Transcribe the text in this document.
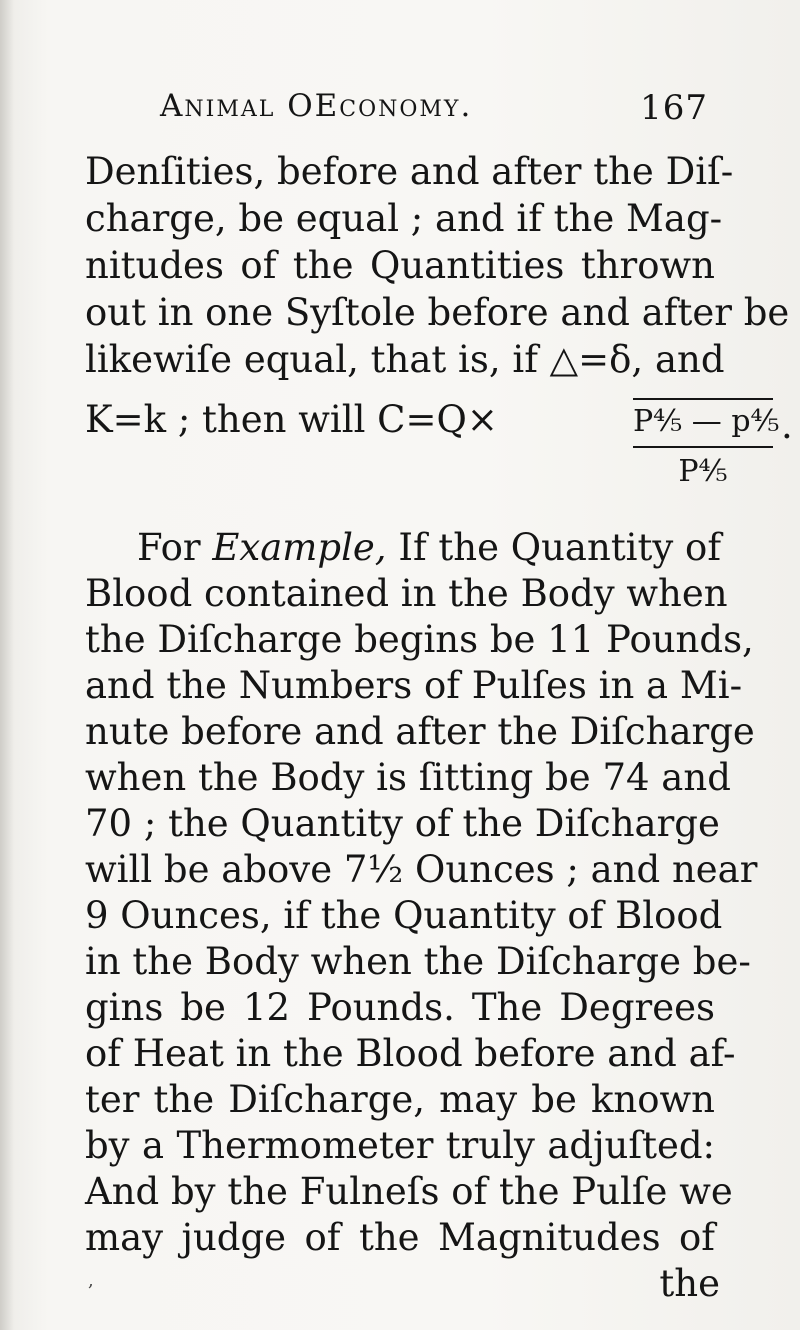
Animal OEconomy.	167
Denſities, before and after the Diſ-
charge, be equal ; and if the Mag-
nitudes of the Quantities thrown
out in one Syſtole before and after be
likewiſe equal, that is, if △=δ, and
K=k ; then will C=Q×	$\frac{\text{P⁴⁄₅ — p⁴⁄₅}}{\text{P⁴⁄₅}}$ .
For Example, If the Quantity of
Blood contained in the Body when
the Diſcharge begins be 11 Pounds,
and the Numbers of Pulſes in a Mi-
nute before and after the Diſcharge
when the Body is ſitting be 74 and
70 ; the Quantity of the Diſcharge
will be above 7½ Ounces ; and near
9 Ounces, if the Quantity of Blood
in the Body when the Diſcharge be-
gins be 12 Pounds. The Degrees
of Heat in the Blood before and af-
ter the Diſcharge, may be known
by a Thermometer truly adjuſted:
And by the Fulneſs of the Pulſe we
may judge of the Magnitudes of
,	the
